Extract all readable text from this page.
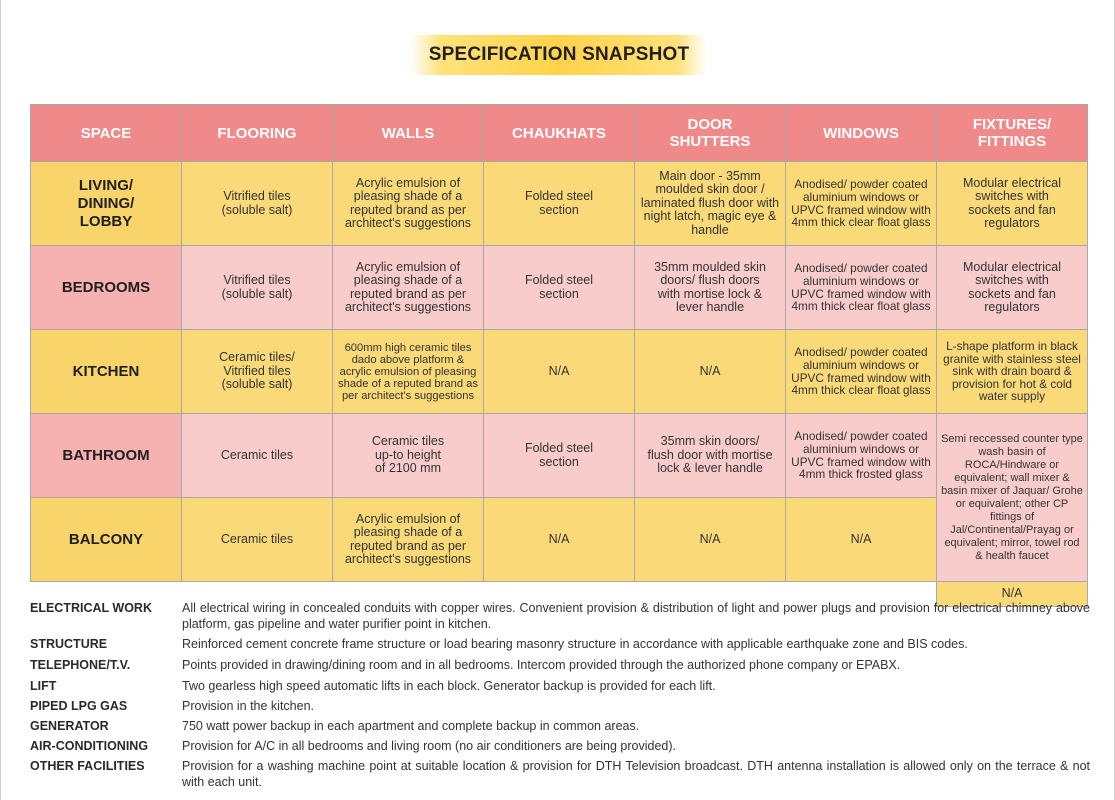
SPECIFICATION SNAPSHOT
SPACE	FLOORING	WALLS	CHAUKHATS	DOOR SHUTTERS	WINDOWS	FIXTURES/ FITTINGS
LIVING/ DINING/ LOBBY	Vitrified tiles (soluble salt)	Acrylic emulsion of pleasing shade of a reputed brand as per architect's suggestions	Folded steel section	Main door - 35mm moulded skin door / laminated flush door with night latch, magic eye & handle	Anodised/ powder coated aluminium windows or UPVC framed window with 4mm thick clear float glass	Modular electrical switches with sockets and fan regulators
BEDROOMS	Vitrified tiles (soluble salt)	Acrylic emulsion of pleasing shade of a reputed brand as per architect's suggestions	Folded steel section	35mm moulded skin doors/ flush doors with mortise lock & lever handle	Anodised/ powder coated aluminium windows or UPVC framed window with 4mm thick clear float glass	Modular electrical switches with sockets and fan regulators
KITCHEN	Ceramic tiles/ Vitrified tiles (soluble salt)	600mm high ceramic tiles dado above platform & acrylic emulsion of pleasing shade of a reputed brand as per architect's suggestions	N/A	N/A	Anodised/ powder coated aluminium windows or UPVC framed window with 4mm thick clear float glass	L-shape platform in black granite with stainless steel sink with drain board & provision for hot & cold water supply
BATHROOM	Ceramic tiles	Ceramic tiles up-to height of 2100 mm	Folded steel section	35mm skin doors/ flush door with mortise lock & lever handle	Anodised/ powder coated aluminium windows or UPVC framed window with 4mm thick frosted glass	Semi reccessed counter type wash basin of ROCA/Hindware or equivalent; wall mixer & basin mixer of Jaquar/ Grohe or equivalent; other CP fittings of Jal/Continental/Prayag or equivalent; mirror, towel rod & health faucet
BALCONY	Ceramic tiles	Acrylic emulsion of pleasing shade of a reputed brand as per architect's suggestions	N/A	N/A	N/A	
						N/A
ELECTRICAL WORK	All electrical wiring in concealed conduits with copper wires. Convenient provision & distribution of light and power plugs and provision for electrical chimney above platform, gas pipeline and water purifier point in kitchen.
STRUCTURE	Reinforced cement concrete frame structure or load bearing masonry structure in accordance with applicable earthquake zone and BIS codes.
TELEPHONE/T.V.	Points provided in drawing/dining room and in all bedrooms. Intercom provided through the authorized phone company or EPABX.
LIFT	Two gearless high speed automatic lifts in each block. Generator backup is provided for each lift.
PIPED LPG GAS	Provision in the kitchen.
GENERATOR	750 watt power backup in each apartment and complete backup in common areas.
AIR-CONDITIONING	Provision for A/C in all bedrooms and living room (no air conditioners are being provided).
OTHER FACILITIES	Provision for a washing machine point at suitable location & provision for DTH Television broadcast. DTH antenna installation is allowed only on the terrace & not with each unit.
